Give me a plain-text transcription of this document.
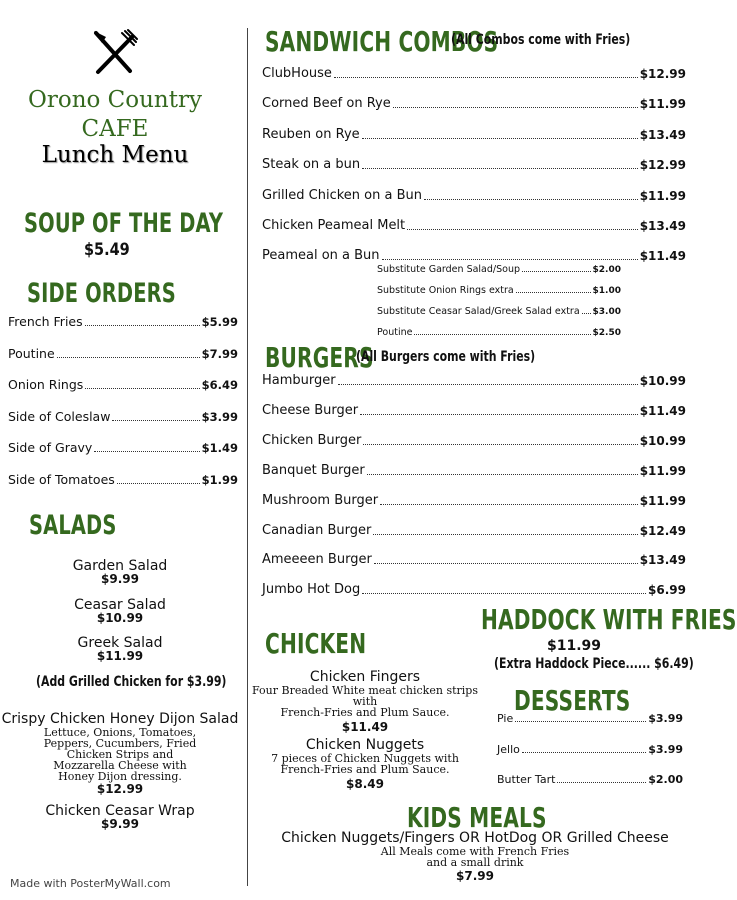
Orono Country
CAFE
Lunch Menu
SOUP OF THE DAY
$5.49
SIDE ORDERS
French Fries	$5.99
Poutine	$7.99
Onion Rings	$6.49
Side of Coleslaw	$3.99
Side of Gravy	$1.49
Side of Tomatoes	$1.99
SALADS
Garden Salad
$9.99
Ceasar Salad
$10.99
Greek Salad
$11.99
(Add Grilled Chicken for $3.99)
Crispy Chicken Honey Dijon Salad
Lettuce, Onions, Tomatoes,
Peppers, Cucumbers, Fried
Chicken Strips and
Mozzarella Cheese with
Honey Dijon dressing.
$12.99
Chicken Ceasar Wrap
$9.99
Made with PosterMyWall.com
SANDWICH COMBOS
(All Combos come with Fries)
ClubHouse	$12.99
Corned Beef on Rye	$11.99
Reuben on Rye	$13.49
Steak on a bun	$12.99
Grilled Chicken on a Bun	$11.99
Chicken Peameal Melt	$13.49
Peameal on a Bun	$11.49
Substitute Garden Salad/Soup	$2.00
Substitute Onion Rings extra	$1.00
Substitute Ceasar Salad/Greek Salad extra $3.00
Poutine	$2.50
BURGERS
(All Burgers come with Fries)
Hamburger	$10.99
Cheese Burger	$11.49
Chicken Burger	$10.99
Banquet Burger	$11.99
Mushroom Burger	$11.99
Canadian Burger	$12.49
Ameeeen Burger	$13.49
Jumbo Hot Dog	$6.99
CHICKEN
Chicken Fingers
Four Breaded White meat chicken strips with
French-Fries and Plum Sauce.
$11.49
Chicken Nuggets
7 pieces of Chicken Nuggets with
French-Fries and Plum Sauce.
$8.49
HADDOCK WITH FRIES
$11.99
(Extra Haddock Piece...... $6.49)
DESSERTS
Pie	$3.99
Jello	$3.99
Butter Tart	$2.00
KIDS MEALS
Chicken Nuggets/Fingers OR HotDog OR Grilled Cheese
All Meals come with French Fries
and a small drink
$7.99
